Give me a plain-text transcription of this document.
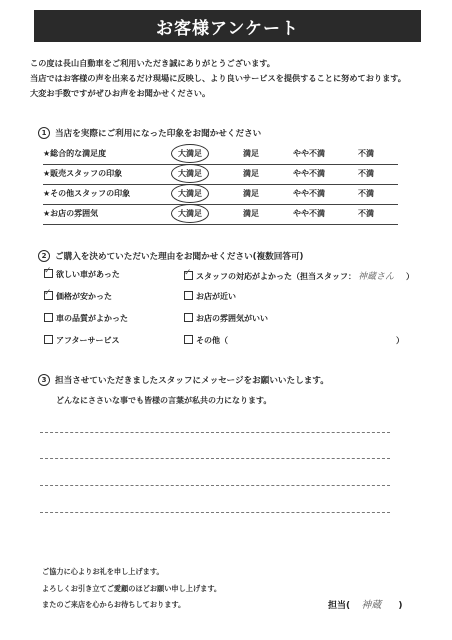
お客様アンケート
この度は長山自動車をご利用いただき誠にありがとうございます。
当店ではお客様の声を出来るだけ現場に反映し、より良いサービスを提供することに努めております。
大変お手数ですがぜひお声をお聞かせください。
1 当店を実際にご利用になった印象をお聞かせください
★総合的な満足度	大満足	満足	やや不満	不満
★販売スタッフの印象	大満足	満足	やや不満	不満
★その他スタッフの印象	大満足	満足	やや不満	不満
★お店の雰囲気	大満足	満足	やや不満	不満
2 ご購入を決めていただいた理由をお聞かせください(複数回答可)
✓ 欲しい車があった
✓ 価格が安かった
車の品質がよかった
アフターサービス
✓ スタッフの対応がよかった（担当スタッフ： 神蔵さん ）
お店が近い
お店の雰囲気がいい
その他（	）
3 担当させていただきましたスタッフにメッセージをお願いいたします。
どんなにささいな事でも皆様の言葉が私共の力になります。
ご協力に心よりお礼を申し上げます。
よろしくお引き立てご愛顧のほどお願い申し上げます。
またのご来店を心からお待ちしております。	担当( 神蔵 )
